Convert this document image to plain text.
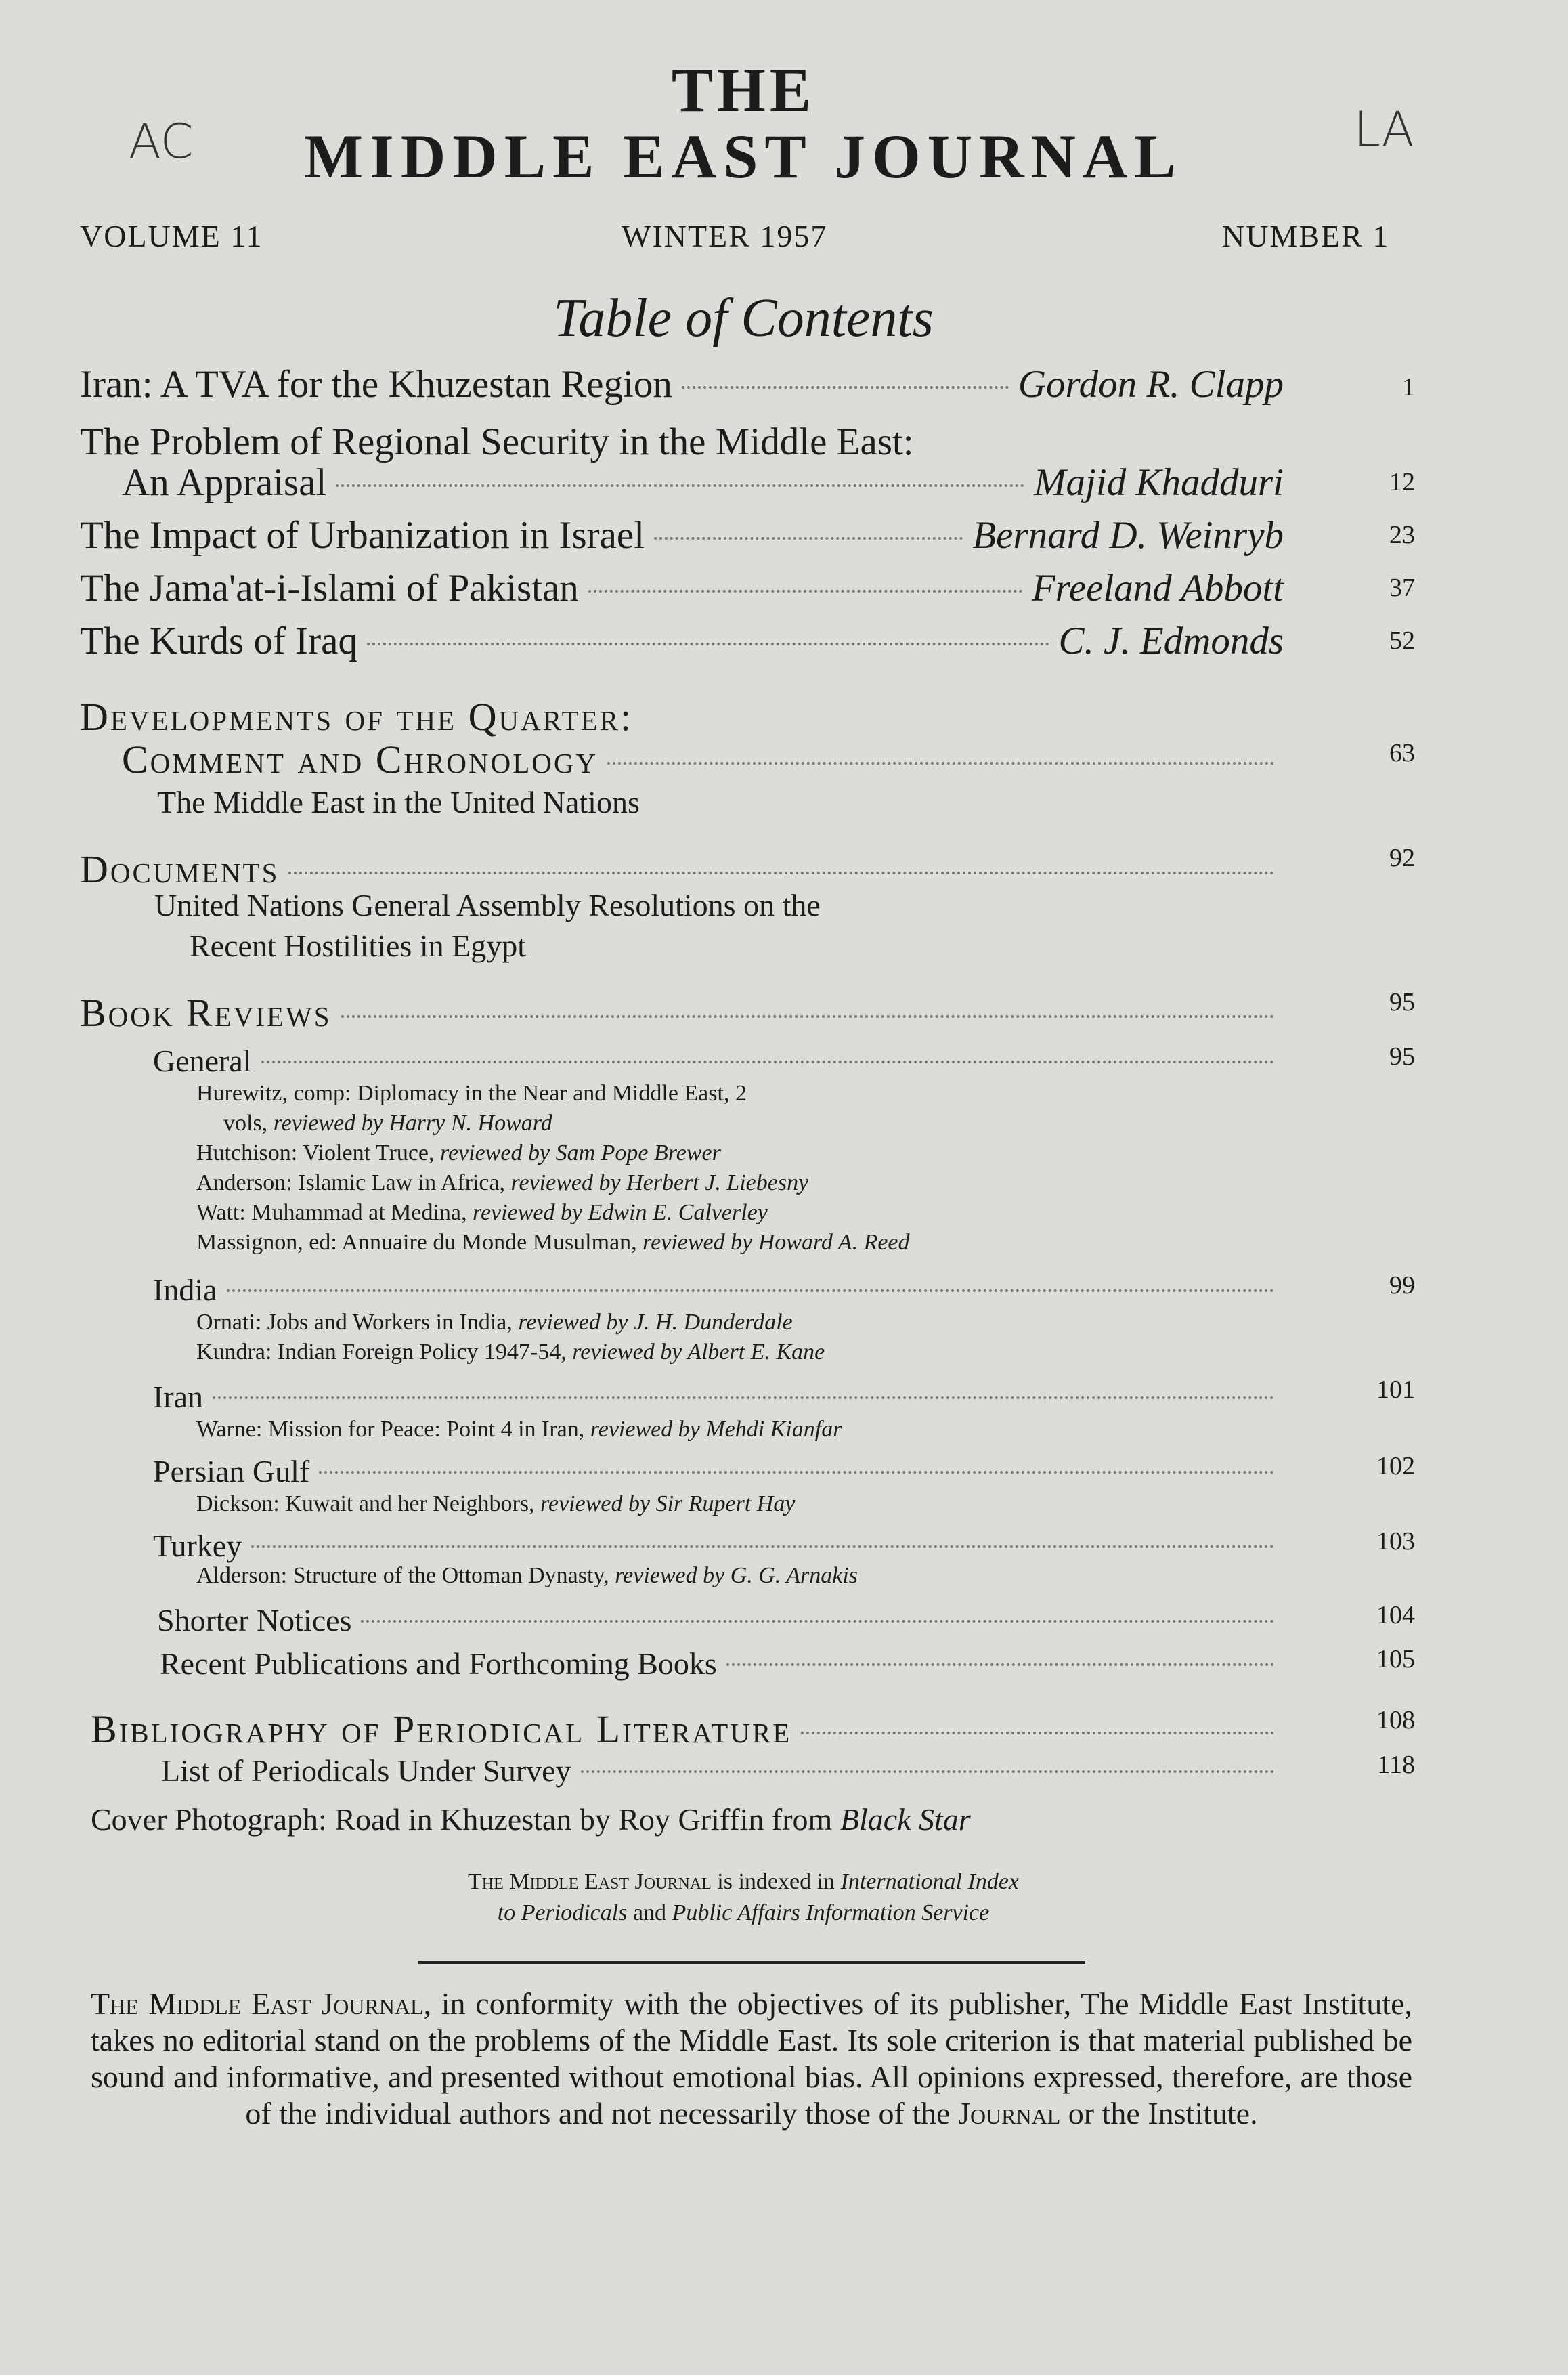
AC	LA
THE
MIDDLE EAST JOURNAL
VOLUME 11	WINTER 1957	NUMBER 1
Table of Contents
Iran: A TVA for the Khuzestan Region	Gordon R. Clapp	1
The Problem of Regional Security in the Middle East:
An Appraisal	Majid Khadduri	12
The Impact of Urbanization in Israel	Bernard D. Weinryb	23
The Jama'at-i-Islami of Pakistan	Freeland Abbott	37
The Kurds of Iraq	C. J. Edmonds	52
Developments of the Quarter:
Comment and Chronology	63
The Middle East in the United Nations
Documents	92
United Nations General Assembly Resolutions on the
Recent Hostilities in Egypt
Book Reviews	95
General	95
Hurewitz, comp: Diplomacy in the Near and Middle East, 2
vols, reviewed by Harry N. Howard
Hutchison: Violent Truce, reviewed by Sam Pope Brewer
Anderson: Islamic Law in Africa, reviewed by Herbert J. Liebesny
Watt: Muhammad at Medina, reviewed by Edwin E. Calverley
Massignon, ed: Annuaire du Monde Musulman, reviewed by Howard A. Reed
India	99
Ornati: Jobs and Workers in India, reviewed by J. H. Dunderdale
Kundra: Indian Foreign Policy 1947-54, reviewed by Albert E. Kane
Iran	101
Warne: Mission for Peace: Point 4 in Iran, reviewed by Mehdi Kianfar
Persian Gulf	102
Dickson: Kuwait and her Neighbors, reviewed by Sir Rupert Hay
Turkey	103
Alderson: Structure of the Ottoman Dynasty, reviewed by G. G. Arnakis
Shorter Notices	104
Recent Publications and Forthcoming Books	105
Bibliography of Periodical Literature	108
List of Periodicals Under Survey	118
Cover Photograph: Road in Khuzestan by Roy Griffin from Black Star
The Middle East Journal is indexed in International Index
to Periodicals and Public Affairs Information Service
The Middle East Journal, in conformity with the objectives of its publisher, The Middle East Institute, takes no editorial stand on the problems of the Middle East. Its sole criterion is that material published be sound and informative, and presented without emotional bias. All opinions expressed, therefore, are those of the individual authors and not necessarily those of the Journal or the Institute.
